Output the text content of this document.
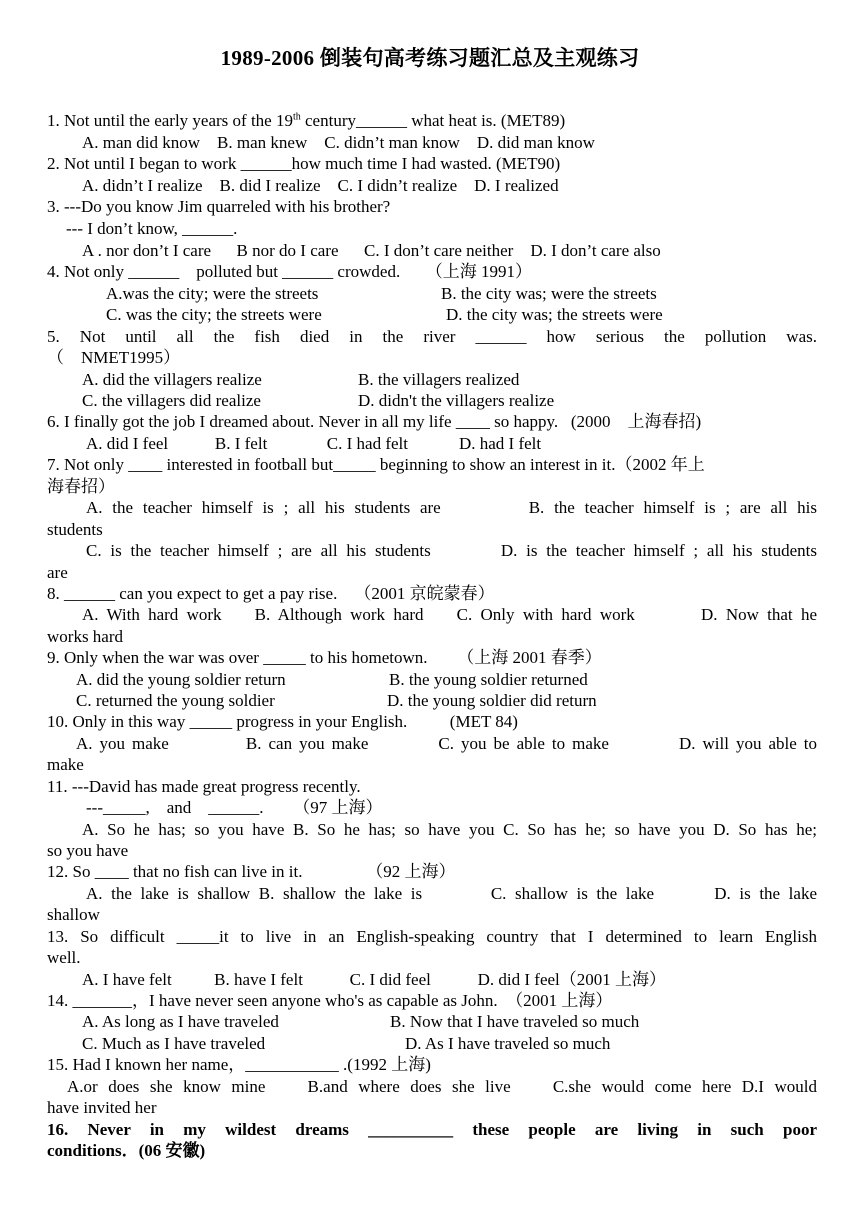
1989-2006 倒装句高考练习题汇总及主观练习
1. Not until the early years of the 19th century______ what heat is. (MET89)
A. man did know    B. man knew    C. didn’t man know    D. did man know
2. Not until I began to work ______how much time I had wasted. (MET90)
A. didn’t I realize    B. did I realize    C. I didn’t realize    D. I realized
3. ---Do you know Jim quarreled with his brother?
--- I don’t know, ______.
A . nor don’t I care      B nor do I care      C. I don’t care neither    D. I don’t care also
4. Not only ______    polluted but ______ crowded.      （上海 1991）
A.was the city; were the streets	B. the city was; were the streets
C. was the city; the streets were	D. the city was; the streets were
5. Not until all the fish died in the river ______ how serious the pollution was.
（    NMET1995）
A. did the villagers realize	B. the villagers realized
C. the villagers did realize	D. didn't the villagers realize
6. I finally got the job I dreamed about. Never in all my life ____ so happy.   (2000    上海春招)
A. did I feel           B. I felt              C. I had felt            D. had I felt
7. Not only ____ interested in football but_____ beginning to show an interest in it.（2002 年上
海春招）
A. the teacher himself is ; all his students are         B. the teacher himself is ; are all his
students
C. is the teacher himself ; are all his students        D. is the teacher himself ; all his students
are
8. ______ can you expect to get a pay rise.    （2001 京皖蒙春）
A. With hard work    B. Although work hard    C. Only with hard work        D. Now that he
works hard
9. Only when the war was over _____ to his hometown.       （上海 2001 春季）
A. did the young soldier return	B. the young soldier returned
C. returned the young soldier	D. the young soldier did return
10. Only in this way _____ progress in your English.          (MET 84)
A. you make           B. can you make          C. you be able to make          D. will you able to
make
11. ---David has made great progress recently.
---_____,    and    ______.       （97 上海）
A. So he has; so you have B. So he has; so have you C. So has he; so have you D. So has he;
so you have
12. So ____ that no fish can live in it.               （92 上海）
A. the lake is shallow B. shallow the lake is        C. shallow is the lake       D. is the lake
shallow
13. So difficult _____it to live in an English-speaking country that I determined to learn English
well.
A. I have felt          B. have I felt           C. I did feel           D. did I feel（2001 上海）
14. _______，I have never seen anyone who's as capable as John.  （2001 上海）
A. As long as I have traveled	B. Now that I have traveled so much
C. Much as I have traveled	D. As I have traveled so much
15. Had I known her name，___________ .(1992 上海)
A.or does she know mine    B.and where does she live    C.she would come here D.I would
have invited her
16. Never in my wildest dreams __________ these people are living in such poor
conditions．(06 安徽)
